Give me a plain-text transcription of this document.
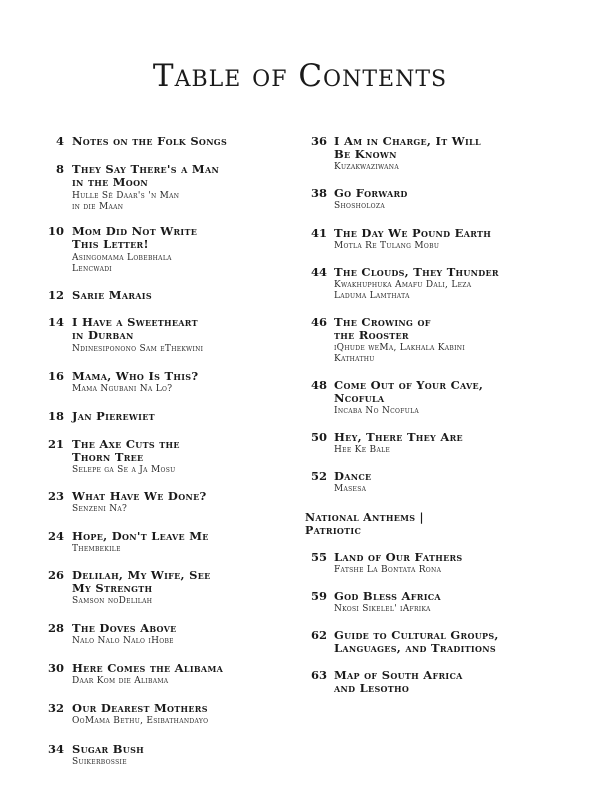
Table of Contents
4 Notes on the Folk Songs
8 They Say There's a Man
in the Moon
Hulle Sê Daar's 'n Man
in die Maan
10 Mom Did Not Write
This Letter!
Asingomama Lobebhala
Lencwadi
12 Sarie Marais
14 I Have a Sweetheart
in Durban
Ndinesiponono Sam eThekwini
16 Mama, Who Is This?
Mama Ngubani Na Lo?
18 Jan Pierewiet
21 The Axe Cuts the
Thorn Tree
Selepe ga Se a Ja Mosu
23 What Have We Done?
Senzeni Na?
24 Hope, Don't Leave Me
Thembekile
26 Delilah, My Wife, See
My Strength
Samson noDelilah
28 The Doves Above
Nalo Nalo Nalo iHobe
30 Here Comes the Alibama
Daar Kom die Alibama
32 Our Dearest Mothers
OoMama Bethu, Esibathandayo
34 Sugar Bush
Suikerbossie
36 I Am in Charge, It Will
Be Known
Kuzakwaziwana
38 Go Forward
Shosholoza
41 The Day We Pound Earth
Motla Re Tulang Mobu
44 The Clouds, They Thunder
Kwakhuphuka Amafu Dali, Leza
Laduma Lamthata
46 The Crowing of
the Rooster
iQhude weMa, Lakhala Kabini
Kathathu
48 Come Out of Your Cave,
Ncofula
Incaba No Ncofula
50 Hey, There They Are
Hee Ke Bale
52 Dance
Masesa
National Anthems |
Patriotic
55 Land of Our Fathers
Fatshe La Bontata Rona
59 God Bless Africa
Nkosi Sikelel' iAfrika
62 Guide to Cultural Groups,
Languages, and Traditions
63 Map of South Africa
and Lesotho
